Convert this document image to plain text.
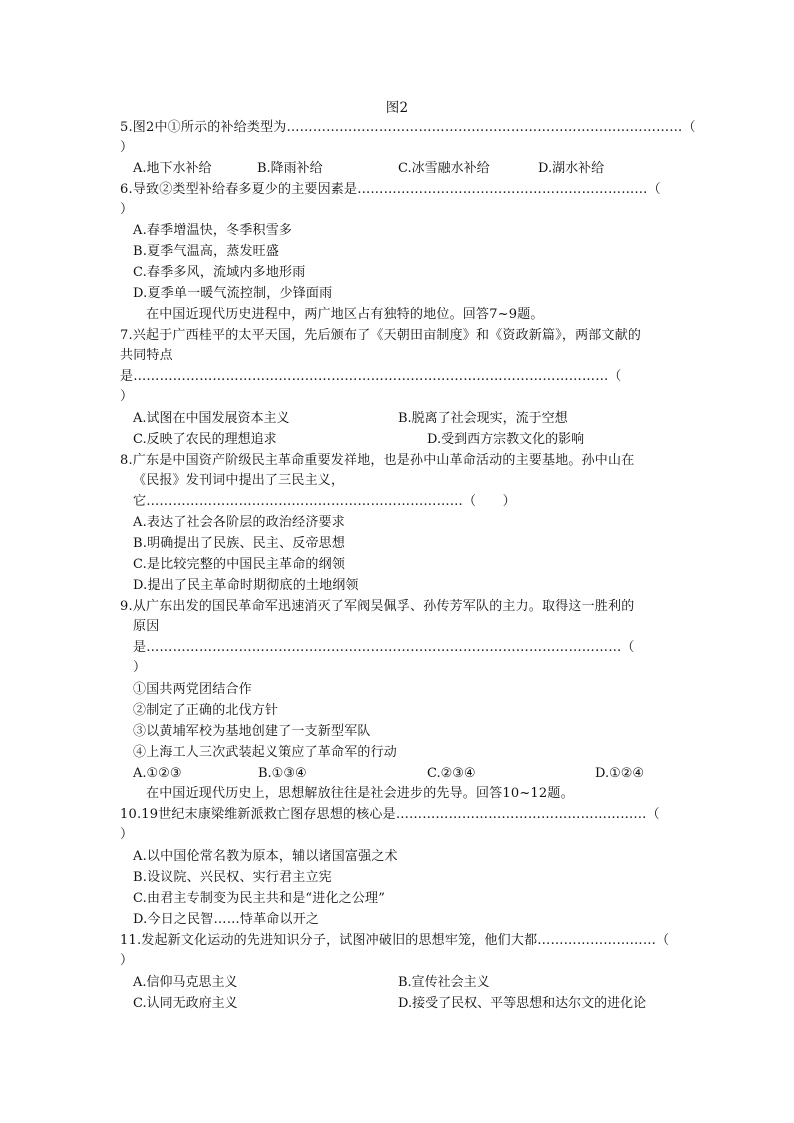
图2
5.图2中①所示的补给类型为………………………………………………………………………………（
）
A.地下水补给	B.降雨补给	C.冰雪融水补给	D.湖水补给
6.导致②类型补给春多夏少的主要因素是…………………………………………………………（
）
A.春季增温快，冬季积雪多
B.夏季气温高，蒸发旺盛
C.春季多风，流域内多地形雨
D.夏季单一暖气流控制，少锋面雨
在中国近现代历史进程中，两广地区占有独特的地位。回答7~9题。
7.兴起于广西桂平的太平天国，先后颁布了《天朝田亩制度》和《资政新篇》，两部文献的
共同特点
是………………………………………………………………………………………………（
）
A.试图在中国发展资本主义	B.脱离了社会现实，流于空想
C.反映了农民的理想追求	D.受到西方宗教文化的影响
8.广东是中国资产阶级民主革命重要发祥地，也是孙中山革命活动的主要基地。孙中山在
《民报》发刊词中提出了三民主义，
它………………………………………………………………（　　）
A.表达了社会各阶层的政治经济要求
B.明确提出了民族、民主、反帝思想
C.是比较完整的中国民主革命的纲领
D.提出了民主革命时期彻底的土地纲领
9.从广东出发的国民革命军迅速消灭了军阀吴佩孚、孙传芳军队的主力。取得这一胜利的
原因
是………………………………………………………………………………………………（
）
①国共两党团结合作
②制定了正确的北伐方针
③以黄埔军校为基地创建了一支新型军队
④上海工人三次武装起义策应了革命军的行动
A.①②③	B.①③④	C.②③④	D.①②④
在中国近现代历史上，思想解放往往是社会进步的先导。回答10~12题。
10.19世纪末康梁维新派救亡图存思想的核心是…………………………………………………（
）
A.以中国伦常名教为原本，辅以诸国富强之术
B.设议院、兴民权、实行君主立宪
C.由君主专制变为民主共和是“进化之公理”
D.今日之民智……恃革命以开之
11.发起新文化运动的先进知识分子，试图冲破旧的思想牢笼，他们大都………………………（
）
A.信仰马克思主义	B.宣传社会主义
C.认同无政府主义	D.接受了民权、平等思想和达尔文的进化论
